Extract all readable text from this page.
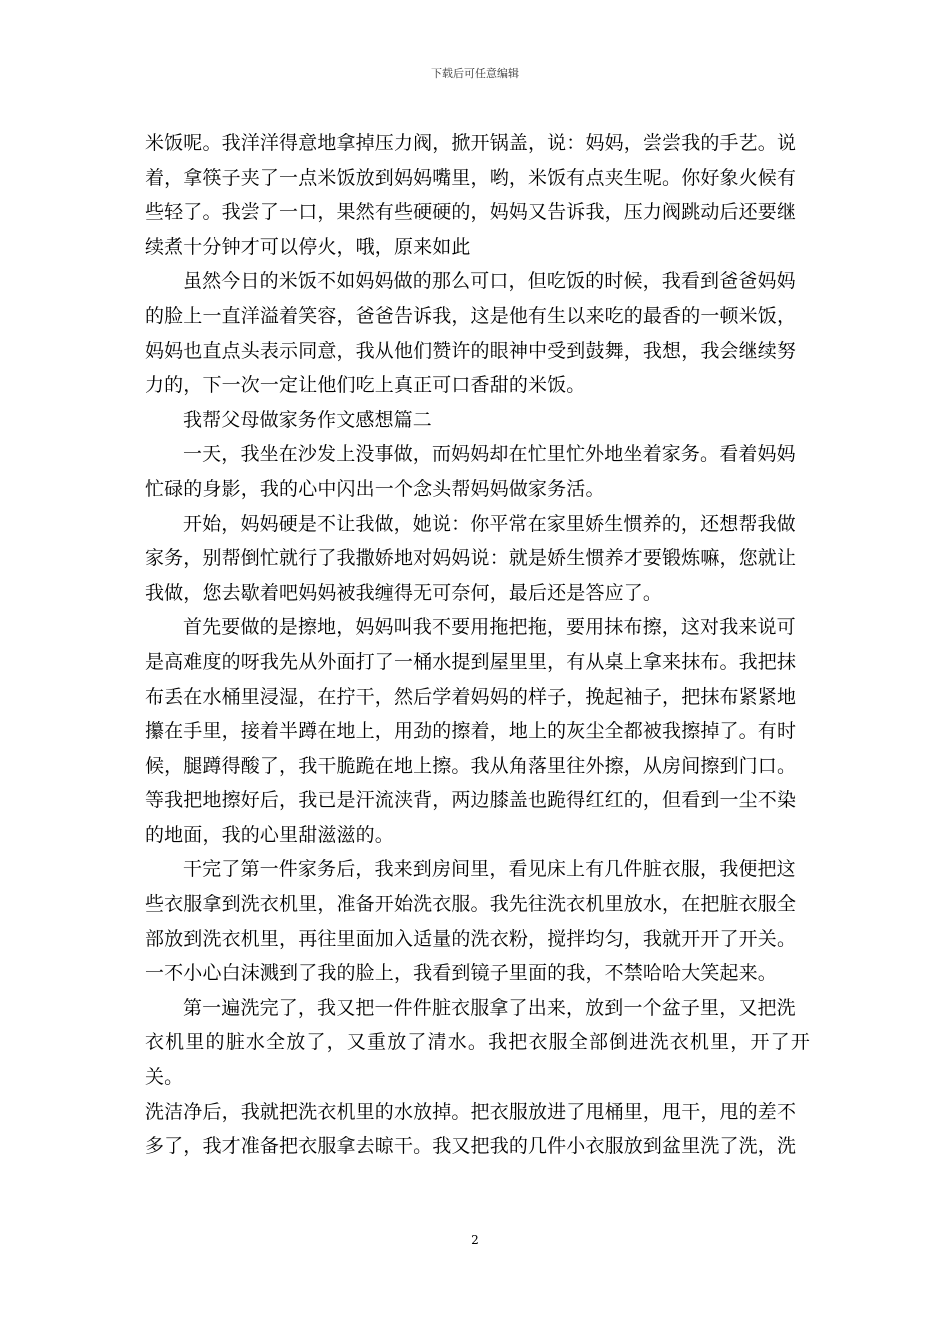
下载后可任意编辑

米饭呢。我洋洋得意地拿掉压力阀，掀开锅盖，说：妈妈，尝尝我的手艺。说
着，拿筷子夹了一点米饭放到妈妈嘴里，哟，米饭有点夹生呢。你好象火候有
些轻了。我尝了一口，果然有些硬硬的，妈妈又告诉我，压力阀跳动后还要继
续煮十分钟才可以停火，哦，原来如此

虽然今日的米饭不如妈妈做的那么可口，但吃饭的时候，我看到爸爸妈妈
的脸上一直洋溢着笑容，爸爸告诉我，这是他有生以来吃的最香的一顿米饭，
妈妈也直点头表示同意，我从他们赞许的眼神中受到鼓舞，我想，我会继续努
力的，下一次一定让他们吃上真正可口香甜的米饭。

我帮父母做家务作文感想篇二

一天，我坐在沙发上没事做，而妈妈却在忙里忙外地坐着家务。看着妈妈
忙碌的身影，我的心中闪出一个念头帮妈妈做家务活。

开始，妈妈硬是不让我做，她说：你平常在家里娇生惯养的，还想帮我做
家务，别帮倒忙就行了我撒娇地对妈妈说：就是娇生惯养才要锻炼嘛，您就让
我做，您去歇着吧妈妈被我缠得无可奈何，最后还是答应了。

首先要做的是擦地，妈妈叫我不要用拖把拖，要用抹布擦，这对我来说可
是高难度的呀我先从外面打了一桶水提到屋里里，有从桌上拿来抹布。我把抹
布丢在水桶里浸湿，在拧干，然后学着妈妈的样子，挽起袖子，把抹布紧紧地
攥在手里，接着半蹲在地上，用劲的擦着，地上的灰尘全都被我擦掉了。有时
候，腿蹲得酸了，我干脆跪在地上擦。我从角落里往外擦，从房间擦到门口。
等我把地擦好后，我已是汗流浃背，两边膝盖也跪得红红的，但看到一尘不染
的地面，我的心里甜滋滋的。

干完了第一件家务后，我来到房间里，看见床上有几件脏衣服，我便把这
些衣服拿到洗衣机里，准备开始洗衣服。我先往洗衣机里放水，在把脏衣服全
部放到洗衣机里，再往里面加入适量的洗衣粉，搅拌均匀，我就开开了开关。
一不小心白沫溅到了我的脸上，我看到镜子里面的我，不禁哈哈大笑起来。

第一遍洗完了，我又把一件件脏衣服拿了出来，放到一个盆子里，又把洗
衣机里的脏水全放了，又重放了清水。我把衣服全部倒进洗衣机里，开了开关。
洗洁净后，我就把洗衣机里的水放掉。把衣服放进了甩桶里，甩干，甩的差不
多了，我才准备把衣服拿去晾干。我又把我的几件小衣服放到盆里洗了洗，洗

2
